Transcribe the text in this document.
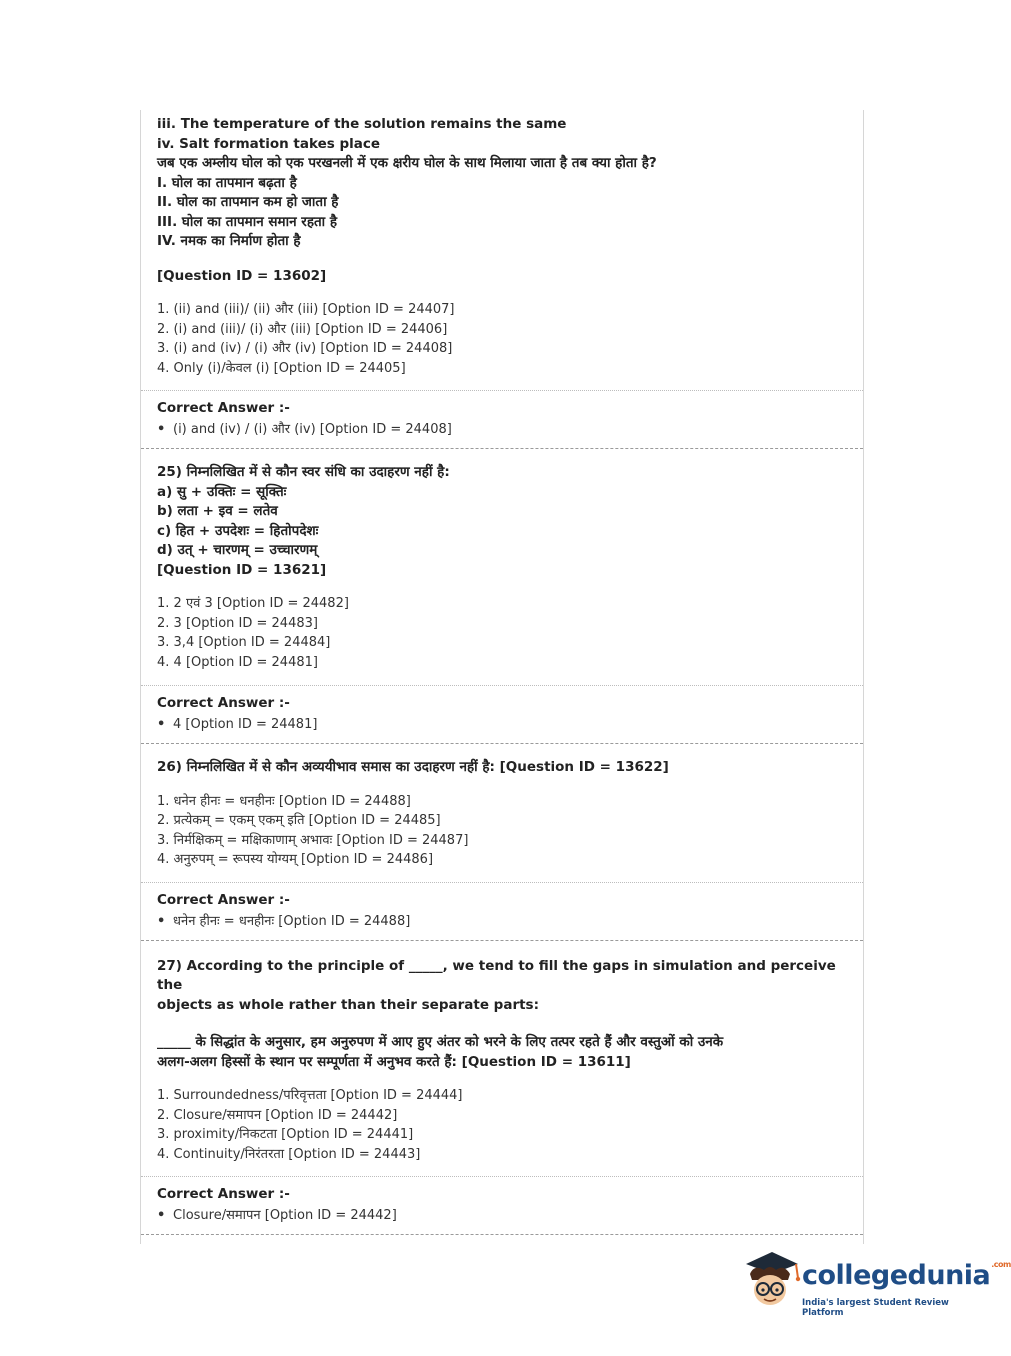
iii. The temperature of the solution remains the same

iv. Salt formation takes place

जब एक अम्लीय घोल को एक परखनली में एक क्षरीय घोल के साथ मिलाया जाता है तब क्या होता है?

I. घोल का तापमान बढ़ता है

II. घोल का तापमान कम हो जाता है

III. घोल का तापमान समान रहता है

IV. नमक का निर्माण होता है

[Question ID = 13602]

1. (ii) and (iii)/ (ii) और (iii) [Option ID = 24407]
2. (i) and (iii)/ (i) और (iii) [Option ID = 24406]
3. (i) and (iv) / (i) और (iv) [Option ID = 24408]
4. Only (i)/केवल (i) [Option ID = 24405]

Correct Answer :-

• (i) and (iv) / (i) और (iv) [Option ID = 24408]

25) निम्नलिखित में से कौन स्वर संधि का उदाहरण नहीं है:

a) सु + उक्तिः = सूक्तिः

b) लता + इव = लतेव

c) हित + उपदेशः = हितोपदेशः

d) उत् + चारणम् = उच्चारणम्

[Question ID = 13621]

1. 2 एवं 3 [Option ID = 24482]
2. 3 [Option ID = 24483]
3. 3,4 [Option ID = 24484]
4. 4 [Option ID = 24481]

Correct Answer :-

• 4 [Option ID = 24481]

26) निम्नलिखित में से कौन अव्ययीभाव समास का उदाहरण नहीं है: [Question ID = 13622]

1. धनेन हीनः = धनहीनः [Option ID = 24488]
2. प्रत्येकम् = एकम् एकम् इति [Option ID = 24485]
3. निर्मक्षिकम् = मक्षिकाणाम् अभावः [Option ID = 24487]
4. अनुरुपम् = रूपस्य योग्यम् [Option ID = 24486]

Correct Answer :-

• धनेन हीनः = धनहीनः [Option ID = 24488]

27) According to the principle of _____, we tend to fill the gaps in simulation and perceive the

objects as whole rather than their separate parts:

_____ के सिद्धांत के अनुसार, हम अनुरुपण में आए हुए अंतर को भरने के लिए तत्पर रहते हैं और वस्तुओं को उनके

अलग-अलग हिस्सों के स्थान पर सम्पूर्णता में अनुभव करते हैं: [Question ID = 13611]

1. Surroundedness/परिवृत्तता [Option ID = 24444]
2. Closure/समापन [Option ID = 24442]
3. proximity/निकटता [Option ID = 24441]
4. Continuity/निरंतरता [Option ID = 24443]

Correct Answer :-

• Closure/समापन [Option ID = 24442]
collegedunia$^{.com}$
India's largest Student Review Platform
